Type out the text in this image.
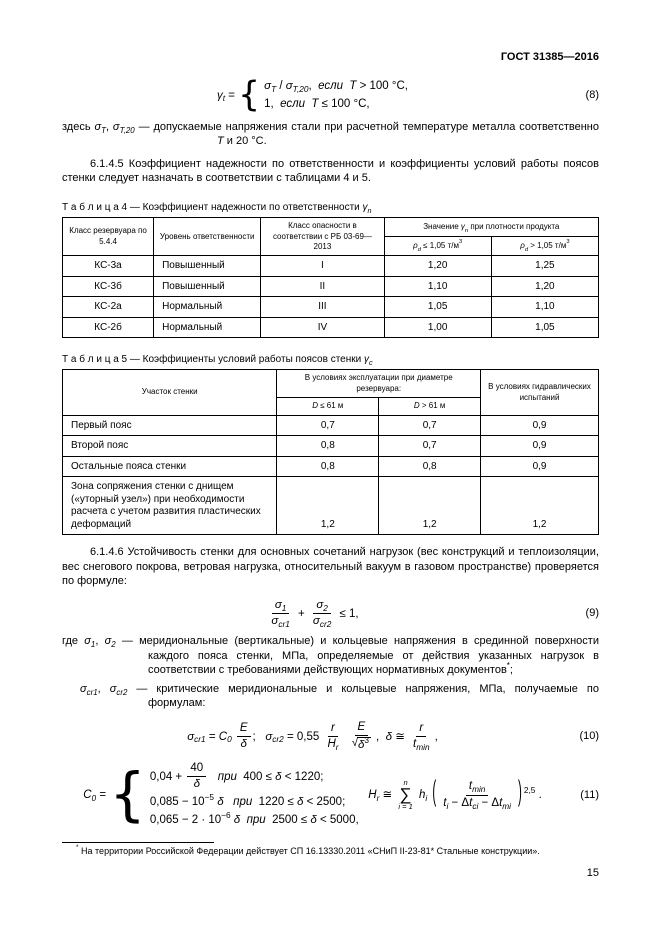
ГОСТ 31385—2016
$\gamma_t$ = { $\sigma_Т / \sigma_{Т,20}$,  если  Т > 100 °С,
1,  если  Т ≤ 100 °С,
(8)

здесь $\sigma_Т$, $\sigma_{Т,20}$ — допускаемые напряжения стали при расчетной температуре металла соответственно Т и 20 °С.

6.1.4.5 Коэффициент надежности по ответственности и коэффициенты условий работы поясов стенки следует назначать в соответствии с таблицами 4 и 5.

Т а б л и ц а 4 — Коэффициент надежности по ответственности $\gamma_n$

Класс резервуара по 5.4.4	Уровень ответственности	Класс опасности в соответствии с РБ 03-69—2013	Значение $\gamma_n$ при плотности продукта	
			$\rho_d \le 1,05$ $т/м^3$	$\rho_d > 1,05$ $т/м^3$
КС-3а	Повышенный	I	1,20	1,25
КС-3б	Повышенный	II	1,10	1,20
КС-2а	Нормальный	III	1,05	1,10
КС-2б	Нормальный	IV	1,00	1,05

Т а б л и ц а 5 — Коэффициенты условий работы поясов стенки $\gamma_c$

Участок стенки	В условиях эксплуатации при диаметре резервуара:		В условиях гидравлических испытаний
	D ≤ 61 м	D > 61 м	
Первый пояс	0,7	0,7	0,9
Второй пояс	0,8	0,7	0,9
Остальные пояса стенки	0,8	0,8	0,9
Зона сопряжения стенки с днищем («уторный узел») при необходимости расчета с учетом развития пластических деформаций	1,2	1,2	1,2

6.1.4.6 Устойчивость стенки для основных сочетаний нагрузок (вес конструкций и теплоизоляции, вес снегового покрова, ветровая нагрузка, относительный вакуум в газовом пространстве) проверяется по формуле:

$\frac{\sigma_1}{\sigma_{cr1}} + \frac{\sigma_2}{\sigma_{cr2}} \le 1$,	(9)

где $\sigma_1$, $\sigma_2$ — меридиональные (вертикальные) и кольцевые напряжения в срединной поверхности каждого пояса стенки, МПа, определяемые от действия указанных нагрузок в соответствии с требованиями действующих нормативных документов*;

$\sigma_{cr1}$, $\sigma_{cr2}$ — критические меридиональные и кольцевые напряжения, МПа, получаемые по формулам:

$\sigma_{cr1} = C_0 \frac{E}{\delta}$ ;   $\sigma_{cr2} = 0,55 \frac{r}{H_r}$
$\frac{E}{√ \delta^3}$ ,  δ ≅ $\frac{r}{t_{min}}$ ,	(10)
$C_0$ = { $0,04 + \frac{40}{\delta}$ при  400 ≤ δ < 1220;
$0,085 - 10^{-5}$ δ при  1220 ≤ δ < 2500;
$0,065 - 2 \cdot 10^{-6}$ δ при  2500 ≤ δ < 5000,
$H_r$ ≅
n
∑
i = 1
$h_i$ ( $\frac{t_{min}}{t_i - \Delta t_{ci} - \Delta t_{mi}}$ ) $^{2,5}$ .	(11)

* На территории Российской Федерации действует СП 16.13330.2011 «СНиП II-23-81* Стальные конструкции».

15
